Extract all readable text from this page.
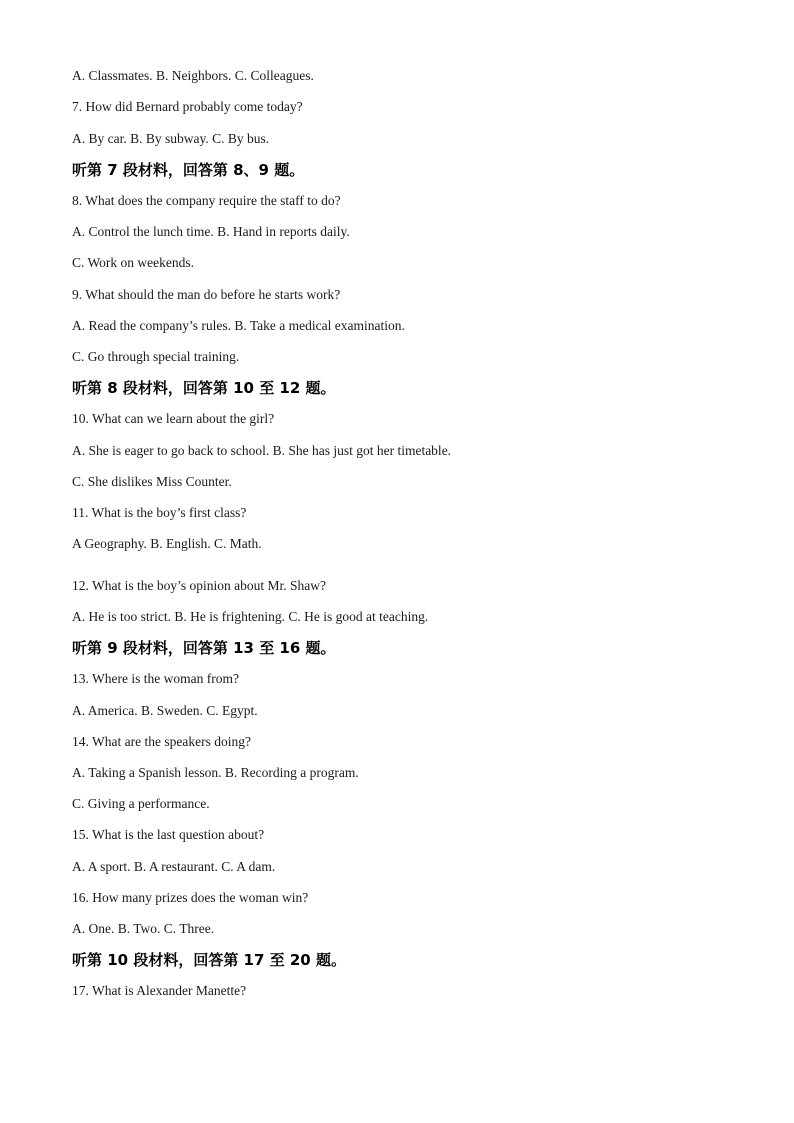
A. Classmates. B. Neighbors. C. Colleagues.
7. How did Bernard probably come today?
A. By car. B. By subway. C. By bus.
听第 7 段材料，回答第 8、9 题。
8. What does the company require the staff to do?
A. Control the lunch time. B. Hand in reports daily.
C. Work on weekends.
9. What should the man do before he starts work?
A. Read the company’s rules. B. Take a medical examination.
C. Go through special training.
听第 8 段材料，回答第 10 至 12 题。
10. What can we learn about the girl?
A. She is eager to go back to school. B. She has just got her timetable.
C. She dislikes Miss Counter.
11. What is the boy’s first class?
A Geography. B. English. C. Math.
12. What is the boy’s opinion about Mr. Shaw?
A. He is too strict. B. He is frightening. C. He is good at teaching.
听第 9 段材料，回答第 13 至 16 题。
13. Where is the woman from?
A. America. B. Sweden. C. Egypt.
14. What are the speakers doing?
A. Taking a Spanish lesson. B. Recording a program.
C. Giving a performance.
15. What is the last question about?
A. A sport. B. A restaurant. C. A dam.
16. How many prizes does the woman win?
A. One. B. Two. C. Three.
听第 10 段材料，回答第 17 至 20 题。
17. What is Alexander Manette?
